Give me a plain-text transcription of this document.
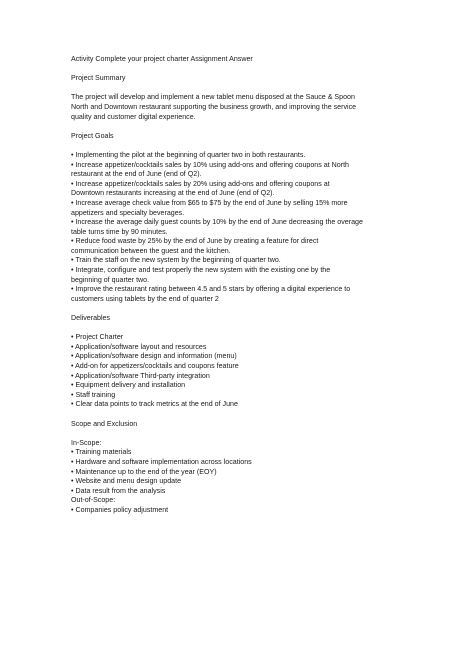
Activity Complete your project charter Assignment Answer

Project Summary

The project will develop and implement a new tablet menu disposed at the Sauce & Spoon

North and Downtown restaurant supporting the business growth, and improving the service

quality and customer digital experience.

Project Goals

• Implementing the pilot at the beginning of quarter two in both restaurants.

• Increase appetizer/cocktails sales by 10% using add-ons and offering coupons at North

restaurant at the end of June (end of Q2).

• Increase appetizer/cocktails sales by 20% using add-ons and offering coupons at

Downtown restaurants increasing at the end of June (end of Q2).

• Increase average check value from $65 to $75 by the end of June by selling 15% more

appetizers and specialty beverages.

• Increase the average daily guest counts by 10% by the end of June decreasing the overage

table turns time by 90 minutes.

• Reduce food waste by 25% by the end of June by creating a feature for direct

communication between the guest and the kitchen.

• Train the staff on the new system by the beginning of quarter two.

• Integrate, configure and test properly the new system with the existing one by the

beginning of quarter two.

• Improve the restaurant rating between 4.5 and 5 stars by offering a digital experience to

customers using tablets by the end of quarter 2

Deliverables

• Project Charter

• Application/software layout and resources

• Application/software design and information (menu)

• Add-on for appetizers/cocktails and coupons feature

• Application/software Third-party integration

• Equipment delivery and installation

• Staff training

• Clear data points to track metrics at the end of June

Scope and Exclusion

In-Scope:

• Training materials

• Hardware and software implementation across locations

• Maintenance up to the end of the year (EOY)

• Website and menu design update

• Data result from the analysis

Out-of-Scope:

• Companies policy adjustment
